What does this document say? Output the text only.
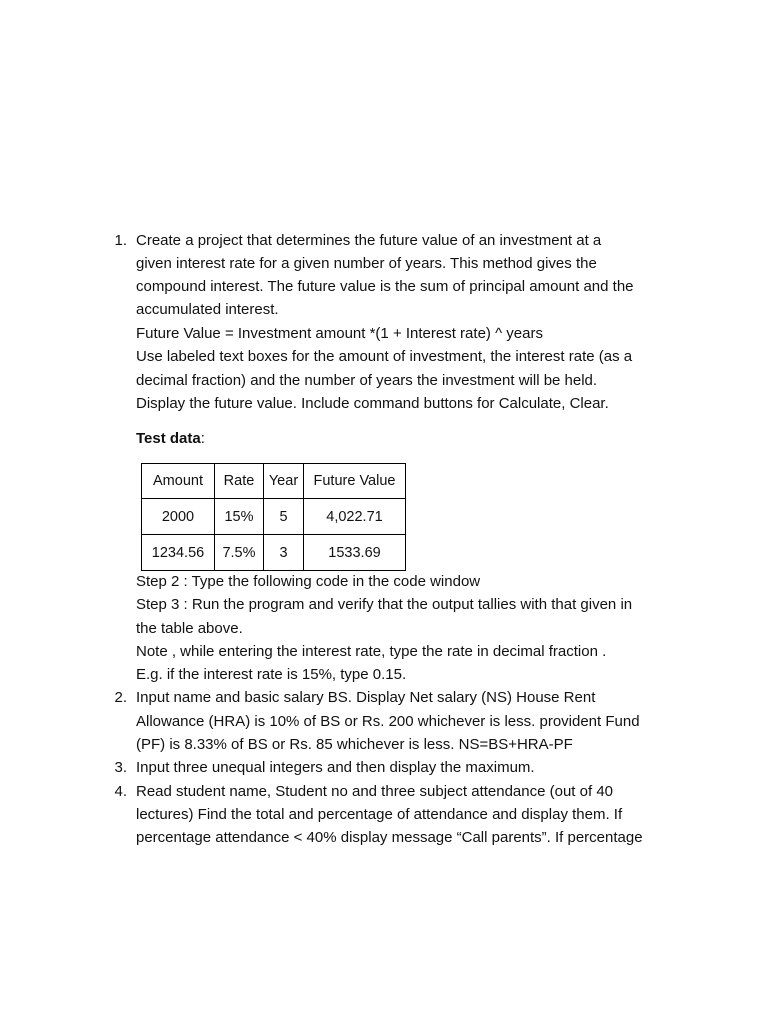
1. Create a project that determines the future value of an investment at a
given interest rate for a given number of years. This method gives the
compound interest. The future value is the sum of principal amount and the
accumulated interest.
Future Value = Investment amount *(1 + Interest rate) ^ years
Use labeled text boxes for the amount of investment, the interest rate (as a
decimal fraction) and the number of years the investment will be held.
Display the future value. Include command buttons for Calculate, Clear.
Test data:
Amount	Rate	Year	Future Value
2000	15%	5	4,022.71
1234.56	7.5%	3	1533.69
Step 2 : Type the following code in the code window
Step 3 : Run the program and verify that the output tallies with that given in
the table above.
Note , while entering the interest rate, type the rate in decimal fraction .
E.g. if the interest rate is 15%, type 0.15.
2. Input name and basic salary BS. Display Net salary (NS) House Rent
Allowance (HRA) is 10% of BS or Rs. 200 whichever is less. provident Fund
(PF) is 8.33% of BS or Rs. 85 whichever is less. NS=BS+HRA-PF
3. Input three unequal integers and then display the maximum.
4. Read student name, Student no and three subject attendance (out of 40
lectures) Find the total and percentage of attendance and display them. If
percentage attendance < 40% display message “Call parents”. If percentage
